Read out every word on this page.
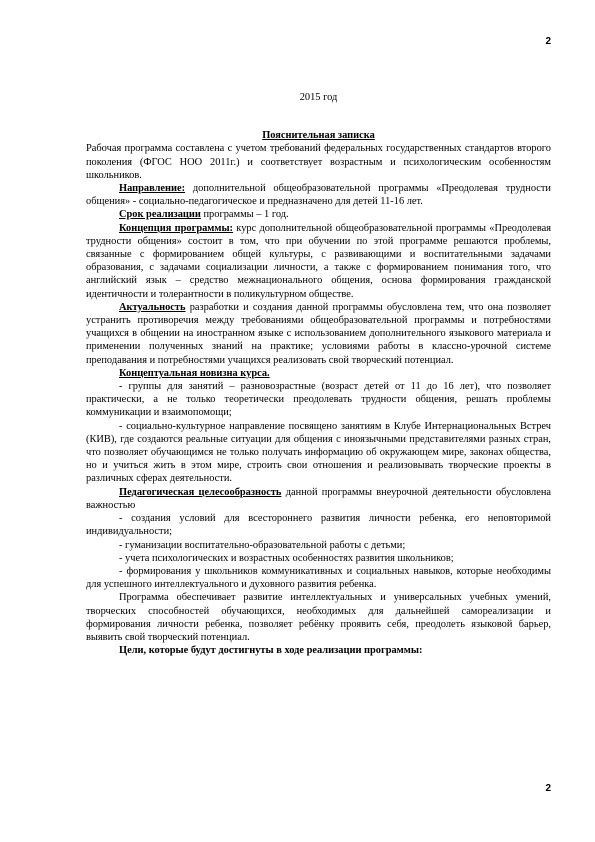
2

2015 год

Пояснительная записка

Рабочая программа составлена с учетом требований федеральных государственных стандартов второго поколения (ФГОС НОО 2011г.) и соответствует возрастным и психологическим особенностям школьников.

Направление: дополнительной общеобразовательной программы «Преодолевая трудности общения» - социально-педагогическое и предназначено для детей 11-16 лет.

Срок реализации программы – 1 год.

Концепция программы: курс дополнительной общеобразовательной программы «Преодолевая трудности общения» состоит в том, что при обучении по этой программе решаются проблемы, связанные с формированием общей культуры, с развивающими и воспитательными задачами образования, с задачами социализации личности, а также с формированием понимания того, что английский язык – средство межнационального общения, основа формирования гражданской идентичности и толерантности в поликультурном обществе.

Актуальность разработки и создания данной программы обусловлена тем, что она позволяет устранить противоречия между требованиями общеобразовательной программы и потребностями учащихся в общении на иностранном языке с использованием дополнительного языкового материала и применении полученных знаний на практике; условиями работы в классно-урочной системе преподавания и потребностями учащихся реализовать свой творческий потенциал.

Концептуальная новизна курса.

- группы для занятий – разновозрастные (возраст детей от 11 до 16 лет), что позволяет практически, а не только теоретически преодолевать трудности общения, решать проблемы коммуникации и взаимопомощи;

- социально-культурное направление посвящено занятиям в Клубе Интернациональных Встреч (КИВ), где создаются реальные ситуации для общения с иноязычными представителями разных стран, что позволяет обучающимся не только получать информацию об окружающем мире, законах общества, но и учиться жить в этом мире, строить свои отношения и реализовывать творческие проекты в различных сферах деятельности.

Педагогическая целесообразность данной программы внеурочной деятельности обусловлена важностью

- создания условий для всестороннего развития личности ребенка, его неповторимой индивидуальности;

- гуманизации воспитательно-образовательной работы с детьми;

- учета психологических и возрастных особенностях развития школьников;

- формирования у школьников коммуникативных и социальных навыков, которые необходимы для успешного интеллектуального и духовного развития ребенка.

Программа обеспечивает развитие интеллектуальных и универсальных учебных умений, творческих способностей обучающихся, необходимых для дальнейшей самореализации и формирования личности ребенка, позволяет ребёнку проявить себя, преодолеть языковой барьер, выявить свой творческий потенциал.

Цели, которые будут достигнуты в ходе реализации программы:

2
